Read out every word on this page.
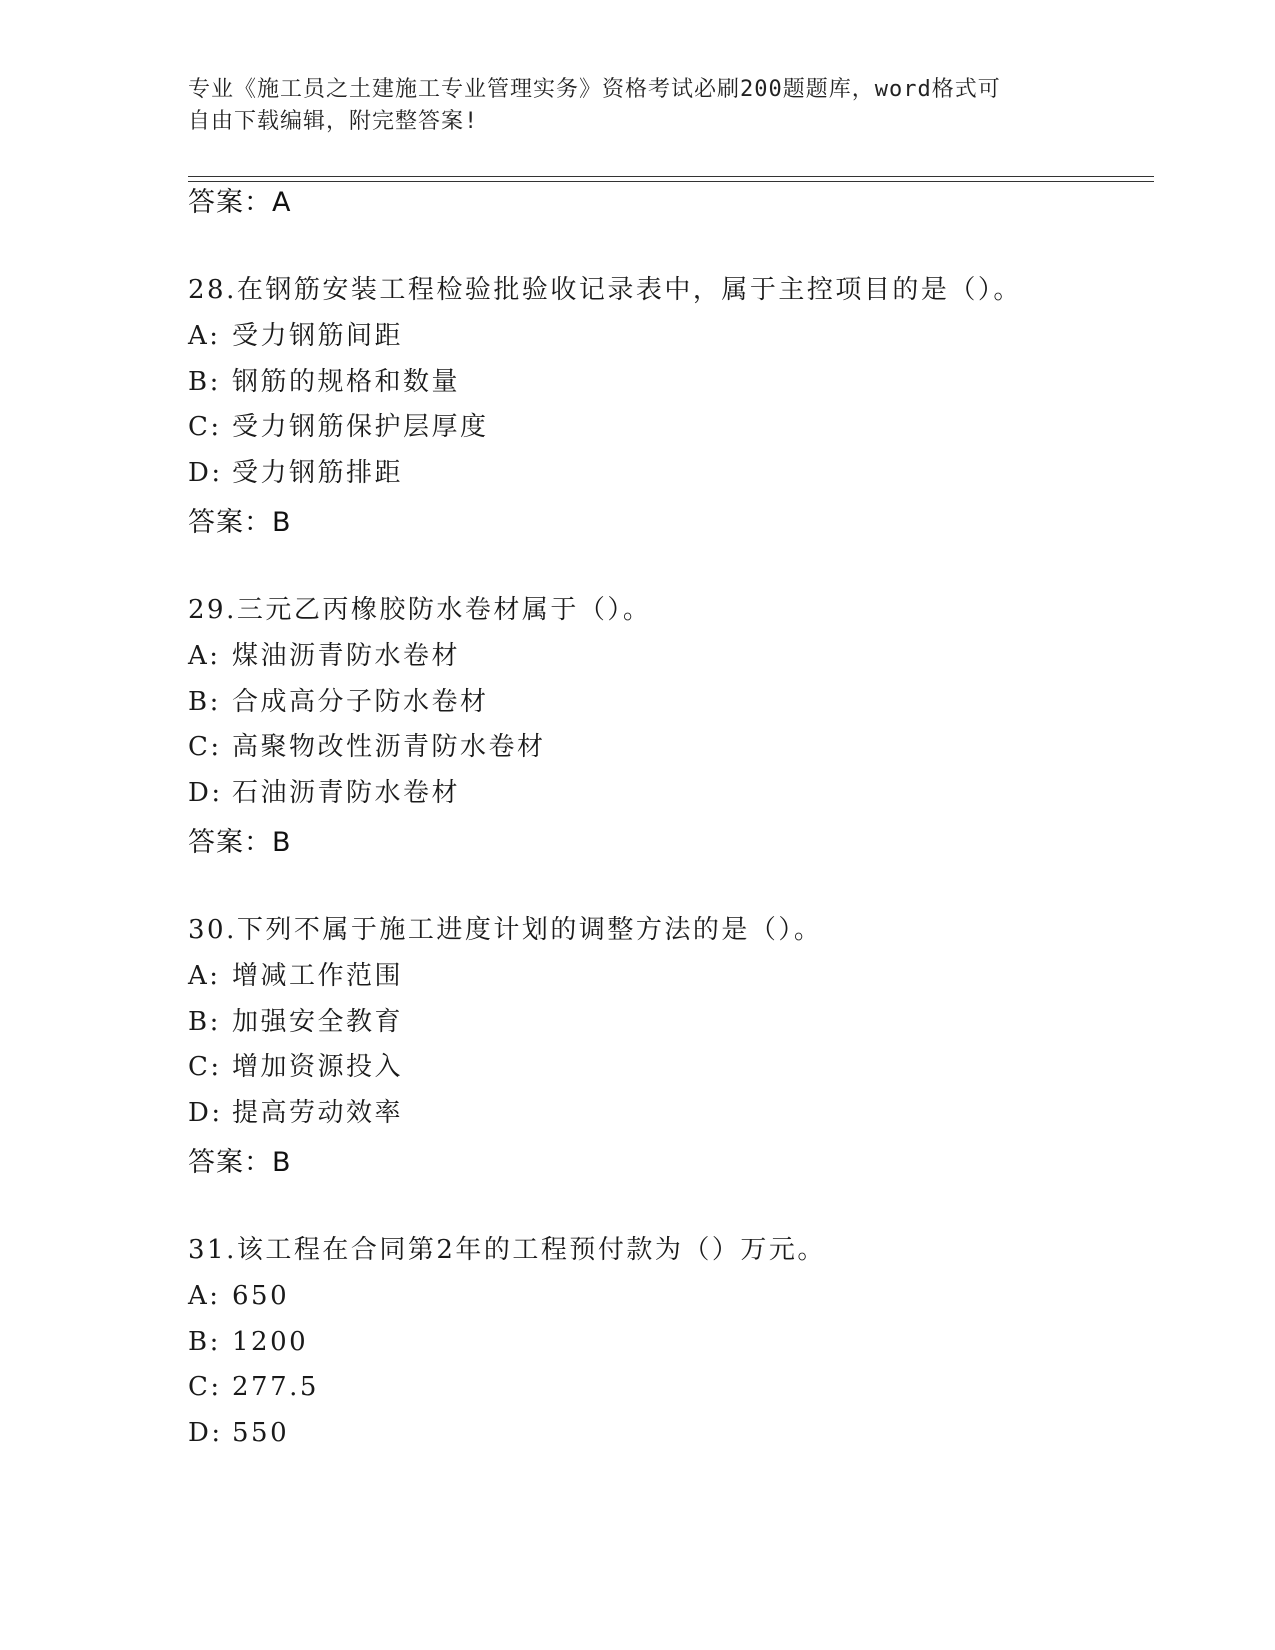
专业《施工员之土建施工专业管理实务》资格考试必刷200题题库，word格式可
自由下载编辑，附完整答案!
答案：A
28.在钢筋安装工程检验批验收记录表中，属于主控项目的是（）。
A: 受力钢筋间距
B: 钢筋的规格和数量
C: 受力钢筋保护层厚度
D: 受力钢筋排距
答案：B
29.三元乙丙橡胶防水卷材属于（）。
A: 煤油沥青防水卷材
B: 合成高分子防水卷材
C: 高聚物改性沥青防水卷材
D: 石油沥青防水卷材
答案：B
30.下列不属于施工进度计划的调整方法的是（）。
A: 增减工作范围
B: 加强安全教育
C: 增加资源投入
D: 提高劳动效率
答案：B
31.该工程在合同第2年的工程预付款为（）万元。
A: 650
B: 1200
C: 277.5
D: 550
